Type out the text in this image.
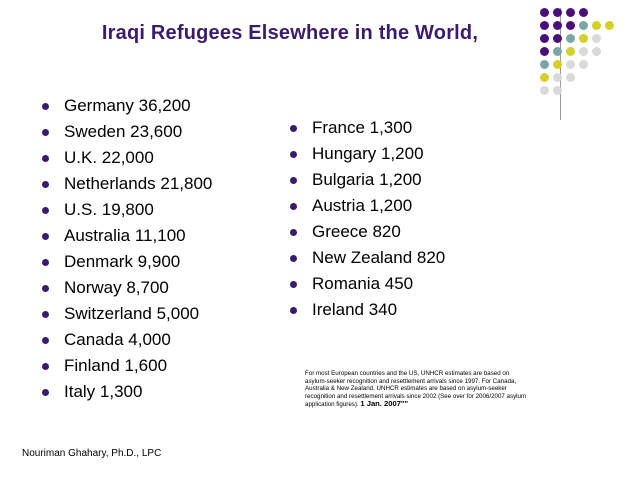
Iraqi Refugees Elsewhere in the World,
Germany 36,200
Sweden 23,600
U.K. 22,000
Netherlands 21,800
U.S. 19,800
Australia 11,100
Denmark 9,900
Norway 8,700
Switzerland 5,000
Canada 4,000
Finland 1,600
Italy 1,300
France 1,300
Hungary 1,200
Bulgaria 1,200
Austria 1,200
Greece 820
New Zealand 820
Romania 450
Ireland 340
For most European countries and the US, UNHCR estimates are based on asylum-seeker recognition and resettlement arrivals since 1997. For Canada, Australia & New Zealand, UNHCR estimates are based on asylum-seeker recognition and resettlement arrivals since 2002 (See over for 2006/2007 asylum application figures). 1 Jan. 2007""
Nouriman Ghahary, Ph.D., LPC
